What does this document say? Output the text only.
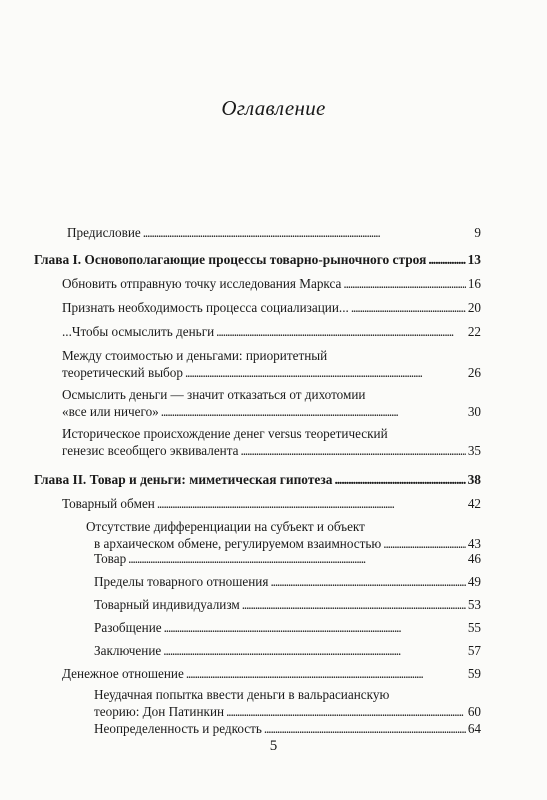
Оглавление
Предисловие . . .	9
Глава I. Основополагающие процессы товарно-рыночного строя . . .	13
Обновить отправную точку исследования Маркса . . .	16
Признать необходимость процесса социализации... . . .	20
...Чтобы осмыслить деньги . . .	22
Между стоимостью и деньгами: приоритетный
теоретический выбор . . .	26
Осмыслить деньги — значит отказаться от дихотомии
«все или ничего» . . .	30
Историческое происхождение денег versus теоретический
генезис всеобщего эквивалента . . .	35
Глава II. Товар и деньги: миметическая гипотеза . . .	38
Товарный обмен . . .	42
Отсутствие дифференциации на субъект и объект
в архаическом обмене, регулируемом взаимностью . . .	43
Товар . . .	46
Пределы товарного отношения . . .	49
Товарный индивидуализм . . .	53
Разобщение . . .	55
Заключение . . .	57
Денежное отношение . . .	59
Неудачная попытка ввести деньги в вальрасианскую
теорию: Дон Патинкин . . .	60
Неопределенность и редкость . . .	64
5
